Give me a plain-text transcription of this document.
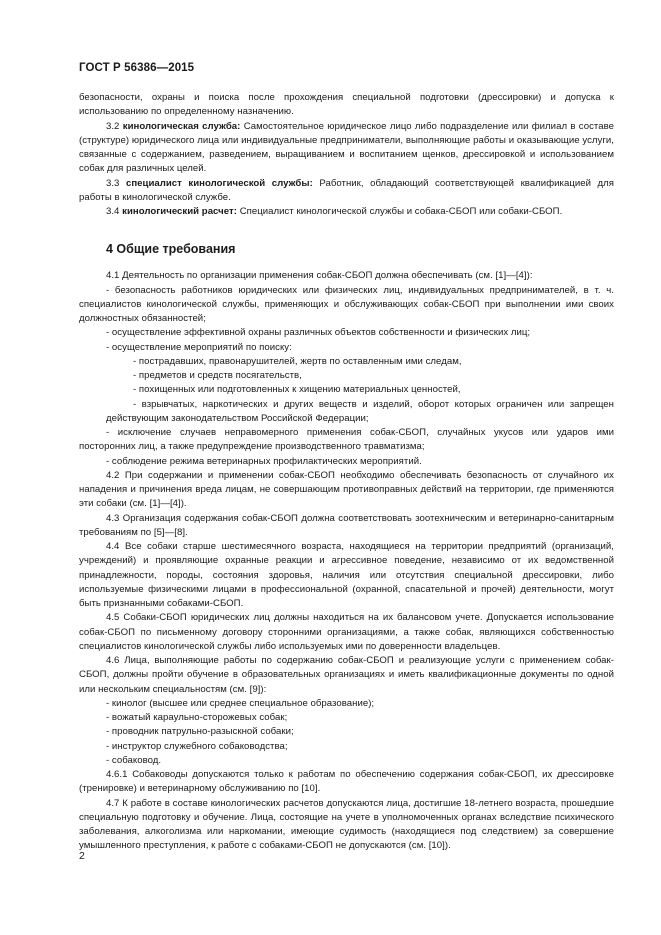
ГОСТ Р 56386—2015

безопасности, охраны и поиска после прохождения специальной подготовки (дрессировки) и допуска к использованию по определенному назначению.

3.2 кинологическая служба: Самостоятельное юридическое лицо либо подразделение или филиал в составе (структуре) юридического лица или индивидуальные предприниматели, выполняющие работы и оказывающие услуги, связанные с содержанием, разведением, выращиванием и воспитанием щенков, дрессировкой и использованием собак для различных целей.

3.3 специалист кинологической службы: Работник, обладающий соответствующей квалификацией для работы в кинологической службе.

3.4 кинологический расчет: Специалист кинологической службы и собака-СБОП или собаки-СБОП.

4 Общие требования

4.1 Деятельность по организации применения собак-СБОП должна обеспечивать (см. [1]—[4]):

- безопасность работников юридических или физических лиц, индивидуальных предпринимателей, в т. ч. специалистов кинологической службы, применяющих и обслуживающих собак-СБОП при выполнении ими своих должностных обязанностей;

- осуществление эффективной охраны различных объектов собственности и физических лиц;

- осуществление мероприятий по поиску:

- пострадавших, правонарушителей, жертв по оставленным ими следам,

- предметов и средств посягательств,

- похищенных или подготовленных к хищению материальных ценностей,

- взрывчатых, наркотических и других веществ и изделий, оборот которых ограничен или запрещен действующим законодательством Российской Федерации;

- исключение случаев неправомерного применения собак-СБОП, случайных укусов или ударов ими посторонних лиц, а также предупреждение производственного травматизма;

- соблюдение режима ветеринарных профилактических мероприятий.

4.2 При содержании и применении собак-СБОП необходимо обеспечивать безопасность от случайного их нападения и причинения вреда лицам, не совершающим противоправных действий на территории, где применяются эти собаки (см. [1]—[4]).

4.3 Организация содержания собак-СБОП должна соответствовать зоотехническим и ветеринарно-санитарным требованиям по [5]—[8].

4.4 Все собаки старше шестимесячного возраста, находящиеся на территории предприятий (организаций, учреждений) и проявляющие охранные реакции и агрессивное поведение, независимо от их ведомственной принадлежности, породы, состояния здоровья, наличия или отсутствия специальной дрессировки, либо используемые физическими лицами в профессиональной (охранной, спасательной и прочей) деятельности, могут быть признанными собаками-СБОП.

4.5 Собаки-СБОП юридических лиц должны находиться на их балансовом учете. Допускается использование собак-СБОП по письменному договору сторонними организациями, а также собак, являющихся собственностью специалистов кинологической службы либо используемых ими по доверенности владельцев.

4.6 Лица, выполняющие работы по содержанию собак-СБОП и реализующие услуги с применением собак-СБОП, должны пройти обучение в образовательных организациях и иметь квалификационные документы по одной или нескольким специальностям (см. [9]):

- кинолог (высшее или среднее специальное образование);

- вожатый караульно-сторожевых собак;

- проводник патрульно-разыскной собаки;

- инструктор служебного собаководства;

- собаковод.

4.6.1 Собаководы допускаются только к работам по обеспечению содержания собак-СБОП, их дрессировке (тренировке) и ветеринарному обслуживанию по [10].

4.7 К работе в составе кинологических расчетов допускаются лица, достигшие 18-летнего возраста, прошедшие специальную подготовку и обучение. Лица, состоящие на учете в уполномоченных органах вследствие психического заболевания, алкоголизма или наркомании, имеющие судимость (находящиеся под следствием) за совершение умышленного преступления, к работе с собаками-СБОП не допускаются (см. [10]).

2
